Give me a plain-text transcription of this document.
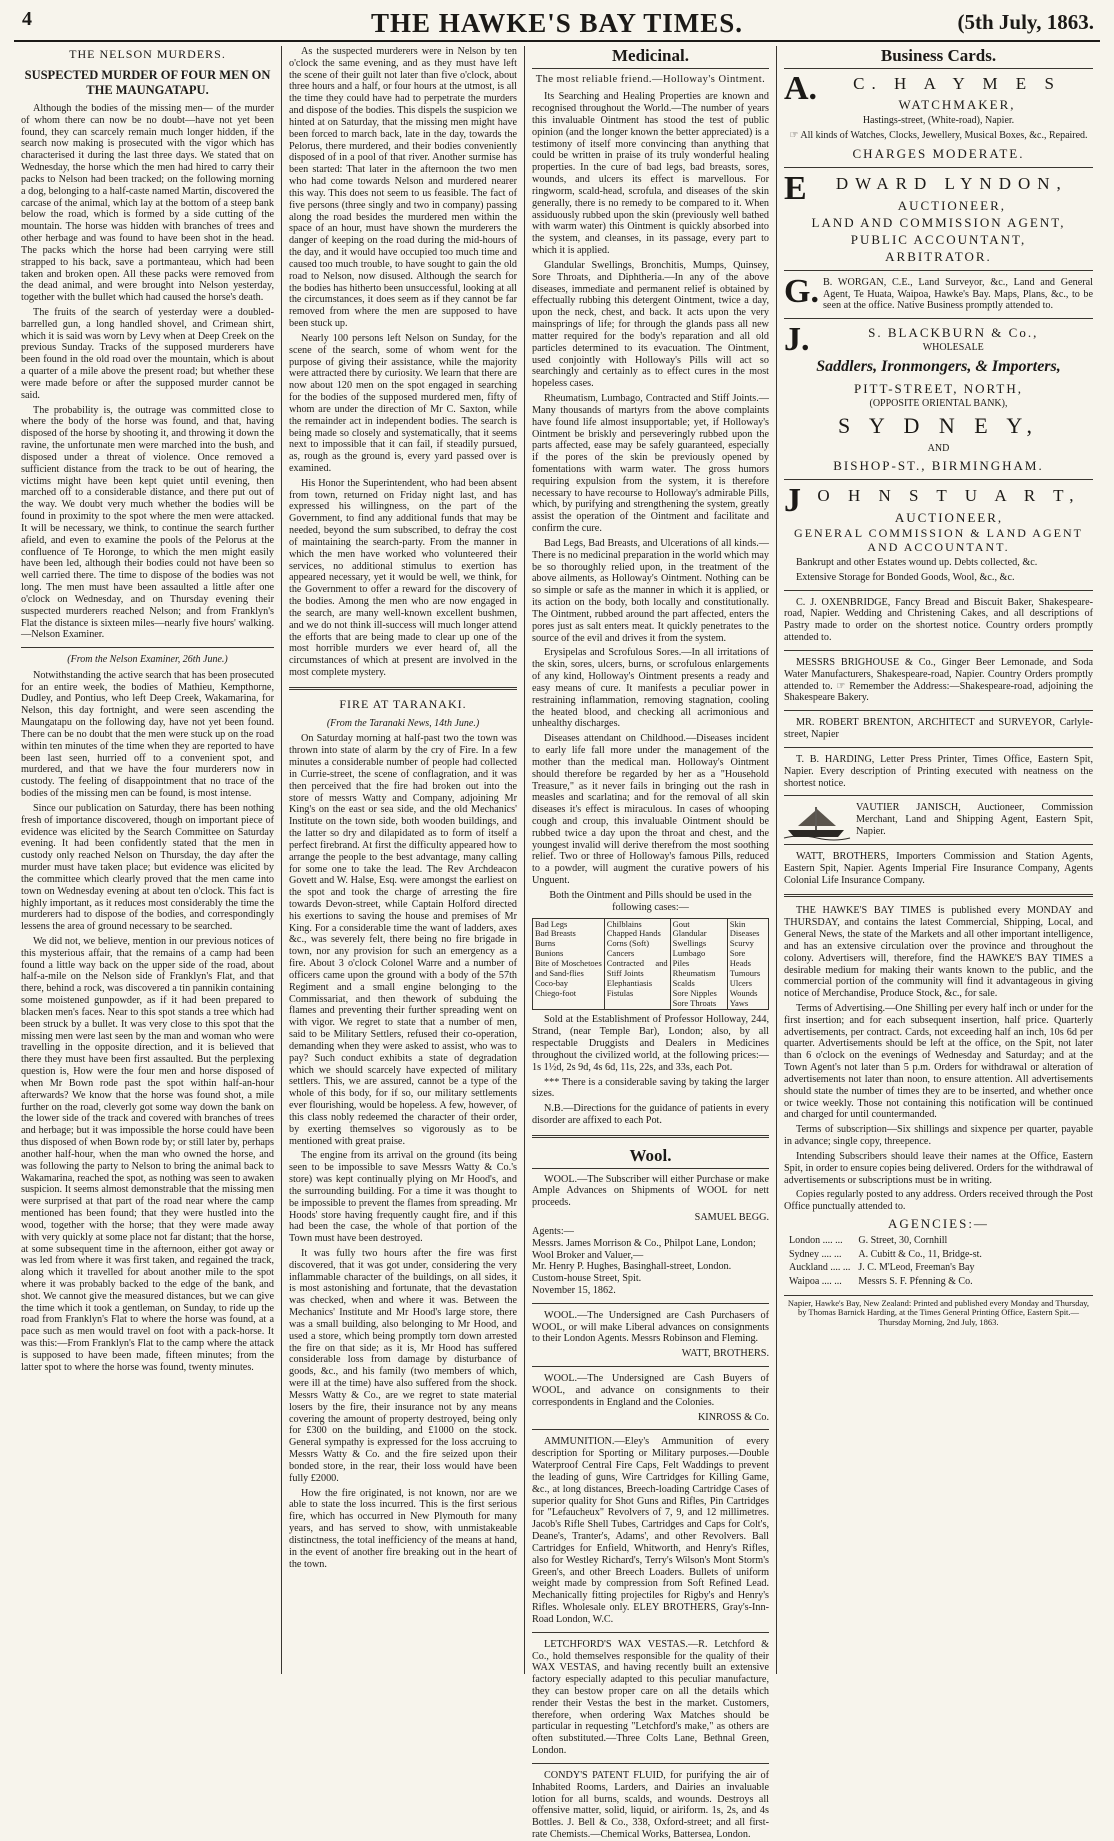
4	THE HAWKE'S BAY TIMES.	(5th July, 1863.
THE NELSON MURDERS.
SUSPECTED MURDER OF FOUR MEN ON THE MAUNGATAPU.

Although the bodies of the missing men— of the murder of whom there can now be no doubt—have not yet been found, they can scarcely remain much longer hidden, if the search now making is prosecuted with the vigor which has characterised it during the last three days. We stated that on Wednesday, the horse which the men had hired to carry their packs to Nelson had been tracked; on the following morning a dog, belonging to a half-caste named Martin, discovered the carcase of the animal, which lay at the bottom of a steep bank below the road, which is formed by a side cutting of the mountain. The horse was hidden with branches of trees and other herbage and was found to have been shot in the head. The packs which the horse had been carrying were still strapped to his back, save a portmanteau, which had been taken and broken open. All these packs were removed from the dead animal, and were brought into Nelson yesterday, together with the bullet which had caused the horse's death.

The fruits of the search of yesterday were a doubled-barrelled gun, a long handled shovel, and Crimean shirt, which it is said was worn by Levy when at Deep Creek on the previous Sunday. Tracks of the supposed murderers have been found in the old road over the mountain, which is about a quarter of a mile above the present road; but whether these were made before or after the supposed murder cannot be said.

The probability is, the outrage was committed close to where the body of the horse was found, and that, having disposed of the horse by shooting it, and throwing it down the ravine, the unfortunate men were marched into the bush, and disposed under a threat of violence. Once removed a sufficient distance from the track to be out of hearing, the victims might have been kept quiet until evening, then marched off to a considerable distance, and there put out of the way. We doubt very much whether the bodies will be found in proximity to the spot where the men were attacked. It will be necessary, we think, to continue the search further afield, and even to examine the pools of the Pelorus at the confluence of Te Horonge, to which the men might easily have been led, although their bodies could not have been so well carried there. The time to dispose of the bodies was not long. The men must have been assaulted a little after one o'clock on Wednesday, and on Thursday evening their suspected murderers reached Nelson; and from Franklyn's Flat the distance is sixteen miles—nearly five hours' walking.—Nelson Examiner.

(From the Nelson Examiner, 26th June.)

Notwithstanding the active search that has been prosecuted for an entire week, the bodies of Mathieu, Kempthorne, Dudley, and Pontius, who left Deep Creek, Wakamarina, for Nelson, this day fortnight, and were seen ascending the Maungatapu on the following day, have not yet been found. There can be no doubt that the men were stuck up on the road within ten minutes of the time when they are reported to have been last seen, hurried off to a convenient spot, and murdered, and that we have the four murderers now in custody. The feeling of disappointment that no trace of the bodies of the missing men can be found, is most intense.

Since our publication on Saturday, there has been nothing fresh of importance discovered, though on important piece of evidence was elicited by the Search Committee on Saturday evening. It had been confidently stated that the men in custody only reached Nelson on Thursday, the day after the murder must have taken place; but evidence was elicited by the committee which clearly proved that the men came into town on Wednesday evening at about ten o'clock. This fact is highly important, as it reduces most considerably the time the murderers had to dispose of the bodies, and correspondingly lessens the area of ground necessary to be searched.

We did not, we believe, mention in our previous notices of this mysterious affair, that the remains of a camp had been found a little way back on the upper side of the road, about half-a-mile on the Nelson side of Franklyn's Flat, and that there, behind a rock, was discovered a tin pannikin containing some moistened gunpowder, as if it had been prepared to blacken men's faces. Near to this spot stands a tree which had been struck by a bullet. It was very close to this spot that the missing men were last seen by the man and woman who were travelling in the opposite direction, and it is believed that there they must have been first assaulted. But the perplexing question is, How were the four men and horse disposed of when Mr Bown rode past the spot within half-an-hour afterwards? We know that the horse was found shot, a mile further on the road, cleverly got some way down the bank on the lower side of the track and covered with branches of trees and herbage; but it was impossible the horse could have been thus disposed of when Bown rode by; or still later by, perhaps another half-hour, when the man who owned the horse, and was following the party to Nelson to bring the animal back to Wakamarina, reached the spot, as nothing was seen to awaken suspicion. It seems almost demonstrable that the missing men were surprised at that part of the road near where the camp mentioned has been found; that they were hustled into the wood, together with the horse; that they were made away with very quickly at some place not far distant; that the horse, at some subsequent time in the afternoon, either got away or was led from where it was first taken, and regained the track, along which it travelled for about another mile to the spot where it was probably backed to the edge of the bank, and shot. We cannot give the measured distances, but we can give the time which it took a gentleman, on Sunday, to ride up the road from Franklyn's Flat to where the horse was found, at a pace such as men would travel on foot with a pack-horse. It was this:—From Franklyn's Flat to the camp where the attack is supposed to have been made, fifteen minutes; from the latter spot to where the horse was found, twenty minutes.

As the suspected murderers were in Nelson by ten o'clock the same evening, and as they must have left the scene of their guilt not later than five o'clock, about three hours and a half, or four hours at the utmost, is all the time they could have had to perpetrate the murders and dispose of the bodies. This dispels the suspicion we hinted at on Saturday, that the missing men might have been forced to march back, late in the day, towards the Pelorus, there murdered, and their bodies conveniently disposed of in a pool of that river. Another surmise has been started: That later in the afternoon the two men who had come towards Nelson and murdered nearer this way. This does not seem to us feasible. The fact of five persons (three singly and two in company) passing along the road besides the murdered men within the space of an hour, must have shown the murderers the danger of keeping on the road during the mid-hours of the day, and it would have occupied too much time and caused too much trouble, to have sought to gain the old road to Nelson, now disused. Although the search for the bodies has hitherto been unsuccessful, looking at all the circumstances, it does seem as if they cannot be far removed from where the men are supposed to have been stuck up.

Nearly 100 persons left Nelson on Sunday, for the scene of the search, some of whom went for the purpose of giving their assistance, while the majority were attracted there by curiosity. We learn that there are now about 120 men on the spot engaged in searching for the bodies of the supposed murdered men, fifty of whom are under the direction of Mr C. Saxton, while the remainder act in independent bodies. The search is being made so closely and systematically, that it seems next to impossible that it can fail, if steadily pursued, as, rough as the ground is, every yard passed over is examined.

His Honor the Superintendent, who had been absent from town, returned on Friday night last, and has expressed his willingness, on the part of the Government, to find any additional funds that may be needed, beyond the sum subscribed, to defray the cost of maintaining the search-party. From the manner in which the men have worked who volunteered their services, no additional stimulus to exertion has appeared necessary, yet it would be well, we think, for the Government to offer a reward for the discovery of the bodies. Among the men who are now engaged in the search, are many well-known excellent bushmen, and we do not think ill-success will much longer attend the efforts that are being made to clear up one of the most horrible murders we ever heard of, all the circumstances of which at present are involved in the most complete mystery.

FIRE AT TARANAKI.
(From the Taranaki News, 14th June.)

On Saturday morning at half-past two the town was thrown into state of alarm by the cry of Fire. In a few minutes a considerable number of people had collected in Currie-street, the scene of conflagration, and it was then perceived that the fire had broken out into the store of messrs Watty and Company, adjoining Mr King's on the east or sea side, and the old Mechanics' Institute on the town side, both wooden buildings, and the latter so dry and dilapidated as to form of itself a perfect firebrand. At first the difficulty appeared how to arrange the people to the best advantage, many calling for some one to take the lead. The Rev Archdeacon Govett and W. Halse, Esq. were amongst the earliest on the spot and took the charge of arresting the fire towards Devon-street, while Captain Holford directed his exertions to saving the house and premises of Mr King. For a considerable time the want of ladders, axes &c., was severely felt, there being no fire brigade in town, nor any provision for such an emergency as a fire. About 3 o'clock Colonel Warre and a number of officers came upon the ground with a body of the 57th Regiment and a small engine belonging to the Commissariat, and then thework of subduing the flames and preventing their further spreading went on with vigor. We regret to state that a number of men, said to be Military Settlers, refused their co-operation, demanding when they were asked to assist, who was to pay? Such conduct exhibits a state of degradation which we should scarcely have expected of military settlers. This, we are assured, cannot be a type of the whole of this body, for if so, our military settlements ever flourishing, would be hopeless. A few, however, of this class nobly redeemed the character of their order, by exerting themselves so vigorously as to be mentioned with great praise.

The engine from its arrival on the ground (its being seen to be impossible to save Messrs Watty & Co.'s store) was kept continually plying on Mr Hood's, and the surrounding building. For a time it was thought to be impossible to prevent the flames from spreading. Mr Hoods' store having frequently caught fire, and if this had been the case, the whole of that portion of the Town must have been destroyed.

It was fully two hours after the fire was first discovered, that it was got under, considering the very inflammable character of the buildings, on all sides, it is most astonishing and fortunate, that the devastation was checked, when and where it was. Between the Mechanics' Institute and Mr Hood's large store, there was a small building, also belonging to Mr Hood, and used a store, which being promptly torn down arrested the fire on that side; as it is, Mr Hood has suffered considerable loss from damage by disturbance of goods, &c., and his family (two members of which, were ill at the time) have also suffered from the shock. Messrs Watty & Co., are we regret to state material losers by the fire, their insurance not by any means covering the amount of property destroyed, being only for £300 on the building, and £1000 on the stock. General sympathy is expressed for the loss accruing to Messrs Watty & Co. and the fire seized upon their bonded store, in the rear, their loss would have been fully £2000.

How the fire originated, is not known, nor are we able to state the loss incurred. This is the first serious fire, which has occurred in New Plymouth for many years, and has served to show, with unmistakeable distinctness, the total inefficiency of the means at hand, in the event of another fire breaking out in the heart of the town.

Medicinal.
The most reliable friend.—Holloway's Ointment.

Its Searching and Healing Properties are known and recognised throughout the World.—The number of years this invaluable Ointment has stood the test of public opinion (and the longer known the better appreciated) is a testimony of itself more convincing than anything that could be written in praise of its truly wonderful healing properties. In the cure of bad legs, bad breasts, sores, wounds, and ulcers its effect is marvellous. For ringworm, scald-head, scrofula, and diseases of the skin generally, there is no remedy to be compared to it. When assiduously rubbed upon the skin (previously well bathed with warm water) this Ointment is quickly absorbed into the system, and cleanses, in its passage, every part to which it is applied.

Glandular Swellings, Bronchitis, Mumps, Quinsey, Sore Throats, and Diphtheria.—In any of the above diseases, immediate and permanent relief is obtained by effectually rubbing this detergent Ointment, twice a day, upon the neck, chest, and back. It acts upon the very mainsprings of life; for through the glands pass all new matter required for the body's reparation and all old particles determined to its evacuation. The Ointment, used conjointly with Holloway's Pills will act so searchingly and certainly as to effect cures in the most hopeless cases.

Rheumatism, Lumbago, Contracted and Stiff Joints.—Many thousands of martyrs from the above complaints have found life almost insupportable; yet, if Holloway's Ointment be briskly and perseveringly rubbed upon the parts affected, ease may be safely guaranteed, especially if the pores of the skin be previously opened by fomentations with warm water. The gross humors requiring expulsion from the system, it is therefore necessary to have recourse to Holloway's admirable Pills, which, by purifying and strengthening the system, greatly assist the operation of the Ointment and facilitate and confirm the cure.

Bad Legs, Bad Breasts, and Ulcerations of all kinds.—There is no medicinal preparation in the world which may be so thoroughly relied upon, in the treatment of the above ailments, as Holloway's Ointment. Nothing can be so simple or safe as the manner in which it is applied, or its action on the body, both locally and constitutionally. The Ointment, rubbed around the part affected, enters the pores just as salt enters meat. It quickly penetrates to the source of the evil and drives it from the system.

Erysipelas and Scrofulous Sores.—In all irritations of the skin, sores, ulcers, burns, or scrofulous enlargements of any kind, Holloway's Ointment presents a ready and easy means of cure. It manifests a peculiar power in restraining inflammation, removing stagnation, cooling the heated blood, and checking all acrimonious and unhealthy discharges.

Diseases attendant on Childhood.—Diseases incident to early life fall more under the management of the mother than the medical man. Holloway's Ointment should therefore be regarded by her as a "Household Treasure," as it never fails in bringing out the rash in measles and scarlatina; and for the removal of all skin diseases it's effect is miraculous. In cases of whooping cough and croup, this invaluable Ointment should be rubbed twice a day upon the throat and chest, and the youngest invalid will derive therefrom the most soothing relief. Two or three of Holloway's famous Pills, reduced to a powder, will augment the curative powers of his Unguent.

Both the Ointment and Pills should be used in the following cases:—

Bad Legs
Bad Breasts
Burns
Bunions
Bite of Moschetoes and Sand-flies
Coco-bay
Chiego-foot	Chilblains
Chapped Hands
Corns (Soft)
Cancers
Contracted and Stiff Joints
Elephantiasis
Fistulas	Gout
Glandular Swellings
Lumbago
Piles
Rheumatism
Scalds
Sore Nipples
Sore Throats	Skin Diseases
Scurvy
Sore Heads
Tumours
Ulcers
Wounds
Yaws

Sold at the Establishment of Professor Holloway, 244, Strand, (near Temple Bar), London; also, by all respectable Druggists and Dealers in Medicines throughout the civilized world, at the following prices:—1s 1½d, 2s 9d, 4s 6d, 11s, 22s, and 33s, each Pot.

*** There is a considerable saving by taking the larger sizes.

N.B.—Directions for the guidance of patients in every disorder are affixed to each Pot.

Wool.

WOOL.—The Subscriber will either Purchase or make Ample Advances on Shipments of WOOL for nett proceeds.

SAMUEL BEGG.

Agents:—
Messrs. James Morrison & Co., Philpot Lane, London;
Wool Broker and Valuer,—
Mr. Henry P. Hughes, Basinghall-street, London.
Custom-house Street, Spit.
November 15, 1862.

WOOL.—The Undersigned are Cash Purchasers of WOOL, or will make Liberal advances on consignments to their London Agents. Messrs Robinson and Fleming.

WATT, BROTHERS.

WOOL.—The Undersigned are Cash Buyers of WOOL, and advance on consignments to their correspondents in England and the Colonies.

KINROSS & Co.

AMMUNITION.—Eley's Ammunition of every description for Sporting or Military purposes.—Double Waterproof Central Fire Caps, Felt Waddings to prevent the leading of guns, Wire Cartridges for Killing Game, &c., at long distances, Breech-loading Cartridge Cases of superior quality for Shot Guns and Rifles, Pin Cartridges for "Lefaucheux" Revolvers of 7, 9, and 12 millimetres. Jacob's Rifle Shell Tubes, Cartridges and Caps for Colt's, Deane's, Tranter's, Adams', and other Revolvers. Ball Cartridges for Enfield, Whitworth, and Henry's Rifles, also for Westley Richard's, Terry's Wilson's Mont Storm's Green's, and other Breech Loaders. Bullets of uniform weight made by compression from Soft Refined Lead. Mechanically fitting projectiles for Rigby's and Henry's Rifles. Wholesale only. ELEY BROTHERS, Gray's-Inn-Road London, W.C.

LETCHFORD'S WAX VESTAS.—R. Letchford & Co., hold themselves responsible for the quality of their WAX VESTAS, and having recently built an extensive factory especially adapted to this peculiar manufacture, they can bestow proper care on all the details which render their Vestas the best in the market. Customers, therefore, when ordering Wax Matches should be particular in requesting "Letchford's make," as others are often substituted.—Three Colts Lane, Bethnal Green, London.

CONDY'S PATENT FLUID, for purifying the air of Inhabited Rooms, Larders, and Dairies an invaluable lotion for all burns, scalds, and wounds. Destroys all offensive matter, solid, liquid, or airiform. 1s, 2s, and 4s Bottles. J. Bell & Co., 338, Oxford-street; and all first-rate Chemists.—Chemical Works, Battersea, London.

Business Cards.
A.	C. H A Y M E S
WATCHMAKER,
Hastings-street, (White-road), Napier.
☞ All kinds of Watches, Clocks, Jewellery, Musical Boxes, &c., Repaired.
CHARGES MODERATE.
E	DWARD LYNDON,
AUCTIONEER,
LAND AND COMMISSION AGENT,
PUBLIC ACCOUNTANT,
ARBITRATOR.
G. B. WORGAN, C.E., Land Surveyor, &c., Land and General Agent, Te Huata, Waipoa, Hawke's Bay. Maps, Plans, &c., to be seen at the office. Native Business promptly attended to.

J.	S. BLACKBURN & Co.,
WHOLESALE
Saddlers, Ironmongers, & Importers,
PITT-STREET, NORTH,
(OPPOSITE ORIENTAL BANK),
S Y D N E Y,
AND
BISHOP-ST., BIRMINGHAM.
J O H N S T U A R T,
AUCTIONEER,
GENERAL COMMISSION & LAND AGENT AND ACCOUNTANT.

Bankrupt and other Estates wound up. Debts collected, &c.

Extensive Storage for Bonded Goods, Wool, &c., &c.

C. J. OXENBRIDGE, Fancy Bread and Biscuit Baker, Shakespeare-road, Napier. Wedding and Christening Cakes, and all descriptions of Pastry made to order on the shortest notice. Country orders promptly attended to.

MESSRS BRIGHOUSE & Co., Ginger Beer Lemonade, and Soda Water Manufacturers, Shakespeare-road, Napier. Country Orders promptly attended to. ☞ Remember the Address:—Shakespeare-road, adjoining the Shakespeare Bakery.

MR. ROBERT BRENTON, ARCHITECT and SURVEYOR, Carlyle-street, Napier

T. B. HARDING, Letter Press Printer, Times Office, Eastern Spit, Napier. Every description of Printing executed with neatness on the shortest notice.

VAUTIER JANISCH, Auctioneer, Commission Merchant, Land and Shipping Agent, Eastern Spit, Napier.

WATT, BROTHERS, Importers Commission and Station Agents, Eastern Spit, Napier. Agents Imperial Fire Insurance Company, Agents Colonial Life Insurance Company.

THE HAWKE'S BAY TIMES is published every MONDAY and THURSDAY, and contains the latest Commercial, Shipping, Local, and General News, the state of the Markets and all other important intelligence, and has an extensive circulation over the province and throughout the colony. Advertisers will, therefore, find the HAWKE'S BAY TIMES a desirable medium for making their wants known to the public, and the commercial portion of the community will find it advantageous in giving notice of Merchandise, Produce Stock, &c., for sale.

Terms of Advertising.—One Shilling per every half inch or under for the first insertion; and for each subsequent insertion, half price. Quarterly advertisements, per contract. Cards, not exceeding half an inch, 10s 6d per quarter. Advertisements should be left at the office, on the Spit, not later than 6 o'clock on the evenings of Wednesday and Saturday; and at the Town Agent's not later than 5 p.m. Orders for withdrawal or alteration of advertisements not later than noon, to ensure attention. All advertisements should state the number of times they are to be inserted, and whether once or twice weekly. Those not containing this notification will be continued and charged for until countermanded.

Terms of subscription—Six shillings and sixpence per quarter, payable in advance; single copy, threepence.

Intending Subscribers should leave their names at the Office, Eastern Spit, in order to ensure copies being delivered. Orders for the withdrawal of advertisements or subscriptions must be in writing.

Copies regularly posted to any address. Orders received through the Post Office punctually attended to.

AGENCIES:—
London .... ...	G. Street, 30, Cornhill
Sydney .... ...	A. Cubitt & Co., 11, Bridge-st.
Auckland .... ...	J. C. M'Leod, Freeman's Bay
Waipoa .... ...	Messrs S. F. Pfenning & Co.
Napier, Hawke's Bay, New Zealand: Printed and published every Monday and Thursday, by Thomas Barnick Harding, at the Times General Printing Office, Eastern Spit.—Thursday Morning, 2nd July, 1863.
